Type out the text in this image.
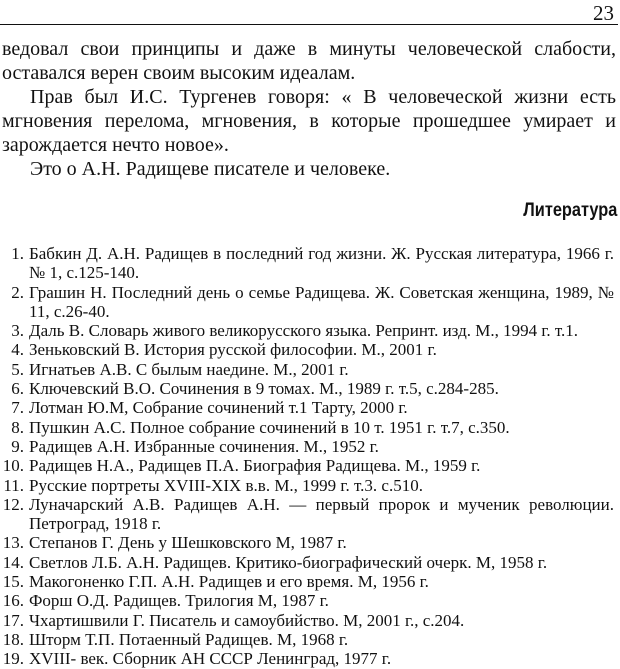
23

ведовал свои принципы и даже в минуты человеческой слабости, оставался верен своим высоким идеалам.

Прав был И.С. Тургенев говоря: « В человеческой жизни есть мгновения перелома, мгновения, в которые прошедшее умирает и зарождается нечто новое».

Это о А.Н. Радищеве писателе и человеке.

Литература
1. Бабкин Д. А.Н. Радищев в последний год жизни. Ж. Русская литература, 1966 г. № 1, с.125-140.
2. Грашин Н. Последний день о семье Радищева. Ж. Советская женщина, 1989, № 11, с.26-40.
3. Даль В. Словарь живого великорусского языка. Репринт. изд. М., 1994 г. т.1.
4. Зеньковский В. История русской философии. М., 2001 г.
5. Игнатьев А.В. С былым наедине. М., 2001 г.
6. Ключевский В.О. Сочинения в 9 томах. М., 1989 г. т.5, с.284-285.
7. Лотман Ю.М, Собрание сочинений т.1 Тарту, 2000 г.
8. Пушкин А.С. Полное собрание сочинений в 10 т. 1951 г. т.7, с.350.
9. Радищев А.Н. Избранные сочинения. М., 1952 г.
10. Радищев Н.А., Радищев П.А. Биография Радищева. М., 1959 г.
11. Русские портреты XVIII-XIX в.в. М., 1999 г. т.3. с.510.
12. Луначарский А.В. Радищев А.Н. — первый пророк и мученик революции. Петроград, 1918 г.
13. Степанов Г. День у Шешковского М, 1987 г.
14. Светлов Л.Б. А.Н. Радищев. Критико-биографический очерк. М, 1958 г.
15. Макогоненко Г.П. А.Н. Радищев и его время. М, 1956 г.
16. Форш О.Д. Радищев. Трилогия М, 1987 г.
17. Чхартишвили Г. Писатель и самоубийство. М, 2001 г., с.204.
18. Шторм Т.П. Потаенный Радищев. М, 1968 г.
19. XVIII- век. Сборник АН СССР Ленинград, 1977 г.
